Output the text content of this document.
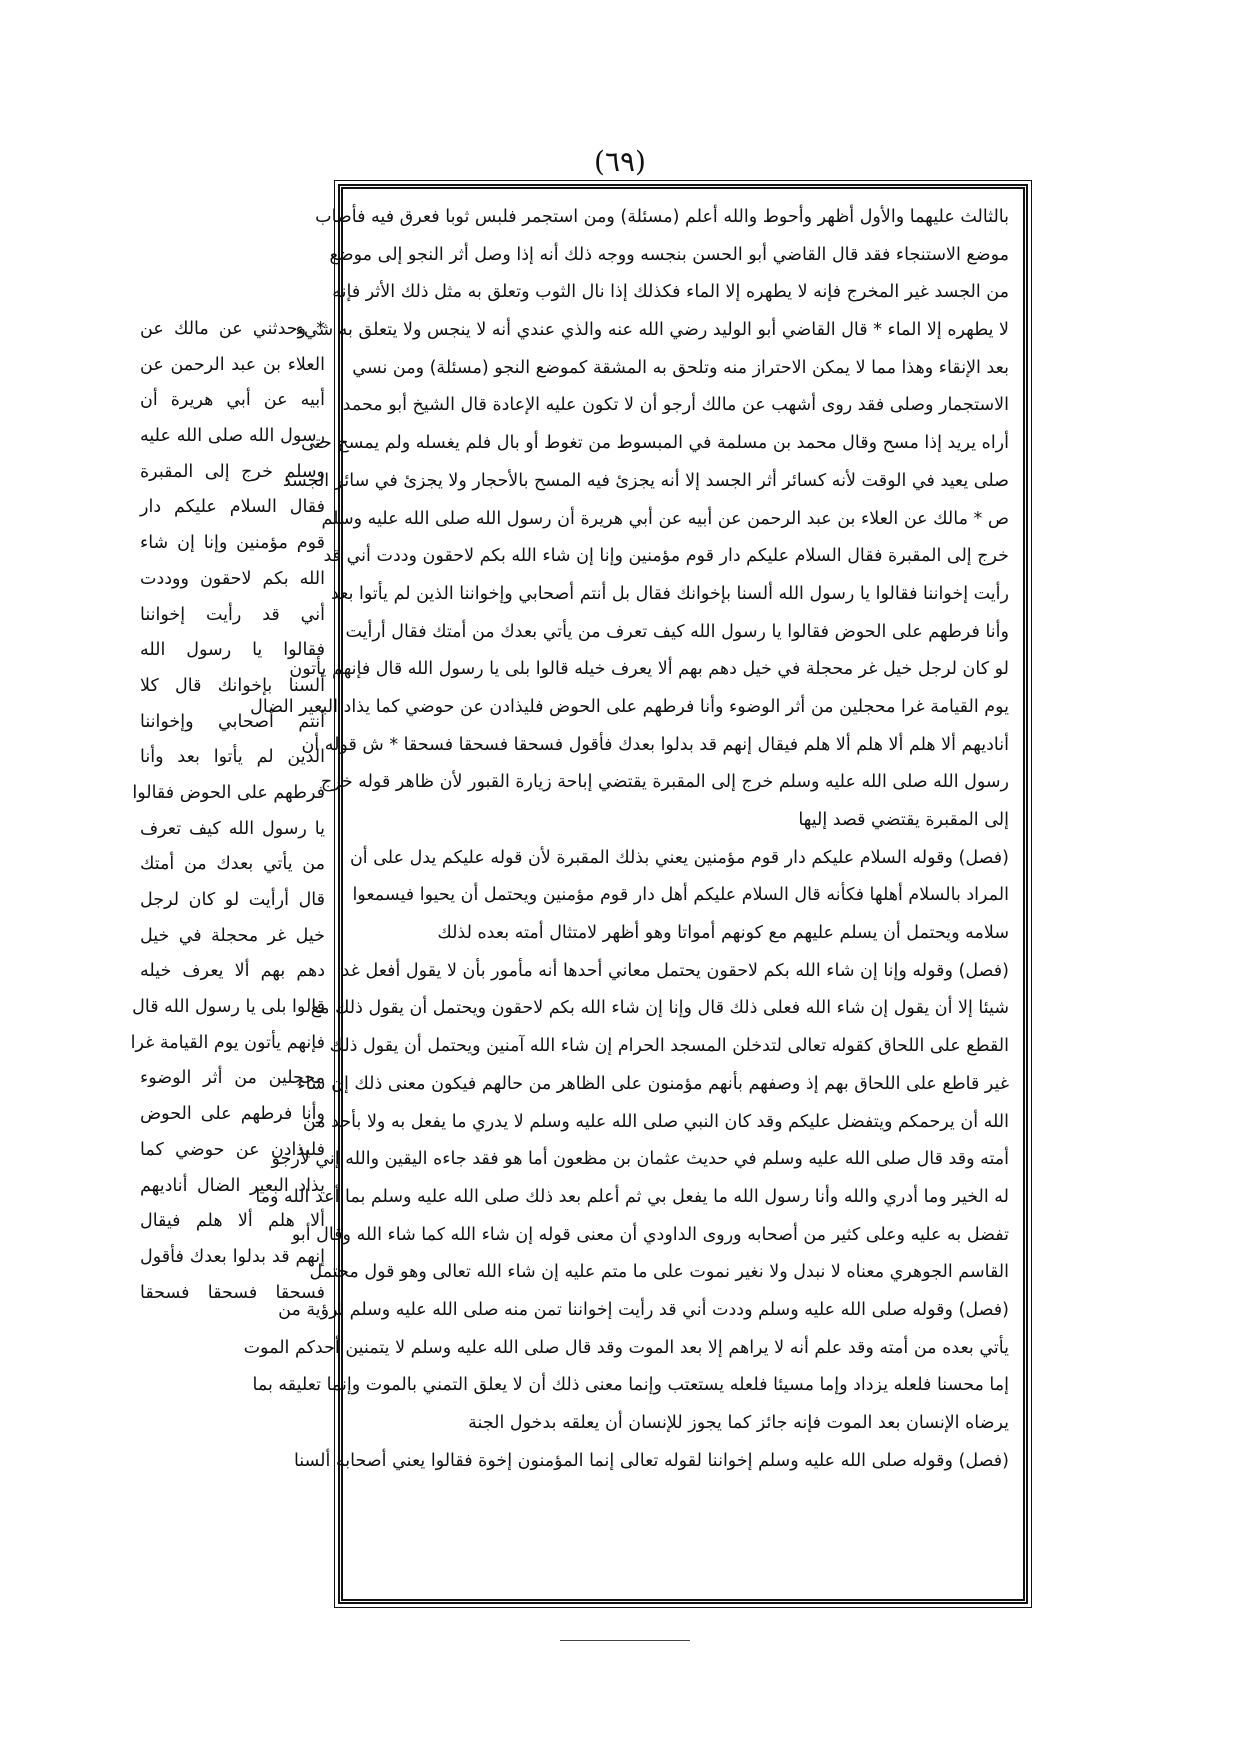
(٦٩)
بالثالث عليهما والأول أظهر وأحوط والله أعلم (مسئلة) ومن استجمر فلبس ثوبا فعرق فيه فأصاب
موضع الاستنجاء فقد قال القاضي أبو الحسن بنجسه ووجه ذلك أنه إذا وصل أثر النجو إلى موضع
من الجسد غير المخرج فإنه لا يطهره إلا الماء فكذلك إذا نال الثوب وتعلق به مثل ذلك الأثر فإنه
لا يطهره إلا الماء * قال القاضي أبو الوليد رضي الله عنه والذي عندي أنه لا ينجس ولا يتعلق به شيء
بعد الإنقاء وهذا مما لا يمكن الاحتراز منه وتلحق به المشقة كموضع النجو (مسئلة) ومن نسي
الاستجمار وصلى فقد روى أشهب عن مالك أرجو أن لا تكون عليه الإعادة قال الشيخ أبو محمد
أراه يريد إذا مسح وقال محمد بن مسلمة في المبسوط من تغوط أو بال فلم يغسله ولم يمسح حتى
صلى يعيد في الوقت لأنه كسائر أثر الجسد إلا أنه يجزئ فيه المسح بالأحجار ولا يجزئ في سائر الجسد
ص * مالك عن العلاء بن عبد الرحمن عن أبيه عن أبي هريرة أن رسول الله صلى الله عليه وسلم
خرج إلى المقبرة فقال السلام عليكم دار قوم مؤمنين وإنا إن شاء الله بكم لاحقون وددت أني قد
رأيت إخواننا فقالوا يا رسول الله ألسنا بإخوانك فقال بل أنتم أصحابي وإخواننا الذين لم يأتوا بعد
وأنا فرطهم على الحوض فقالوا يا رسول الله كيف تعرف من يأتي بعدك من أمتك فقال أرأيت
لو كان لرجل خيل غر محجلة في خيل دهم بهم ألا يعرف خيله قالوا بلى يا رسول الله قال فإنهم يأتون
يوم القيامة غرا محجلين من أثر الوضوء وأنا فرطهم على الحوض فليذادن عن حوضي كما يذاد البعير الضال
أناديهم ألا هلم ألا هلم ألا هلم فيقال إنهم قد بدلوا بعدك فأقول فسحقا فسحقا فسحقا * ش قوله أن
رسول الله صلى الله عليه وسلم خرج إلى المقبرة يقتضي إباحة زيارة القبور لأن ظاهر قوله خرج
إلى المقبرة يقتضي قصد إليها
(فصل) وقوله السلام عليكم دار قوم مؤمنين يعني بذلك المقبرة لأن قوله عليكم يدل على أن
المراد بالسلام أهلها فكأنه قال السلام عليكم أهل دار قوم مؤمنين ويحتمل أن يحيوا فيسمعوا
سلامه ويحتمل أن يسلم عليهم مع كونهم أمواتا وهو أظهر لامتثال أمته بعده لذلك
(فصل) وقوله وإنا إن شاء الله بكم لاحقون يحتمل معاني أحدها أنه مأمور بأن لا يقول أفعل غدا
شيئا إلا أن يقول إن شاء الله فعلى ذلك قال وإنا إن شاء الله بكم لاحقون ويحتمل أن يقول ذلك مع
القطع على اللحاق كقوله تعالى لتدخلن المسجد الحرام إن شاء الله آمنين ويحتمل أن يقول ذلك
غير قاطع على اللحاق بهم إذ وصفهم بأنهم مؤمنون على الظاهر من حالهم فيكون معنى ذلك إن شاء
الله أن يرحمكم ويتفضل عليكم وقد كان النبي صلى الله عليه وسلم لا يدري ما يفعل به ولا بأحد من
أمته وقد قال صلى الله عليه وسلم في حديث عثمان بن مظعون أما هو فقد جاءه اليقين والله إني لأرجو
له الخير وما أدري والله وأنا رسول الله ما يفعل بي ثم أعلم بعد ذلك صلى الله عليه وسلم بما أعد الله وما
تفضل به عليه وعلى كثير من أصحابه وروى الداودي أن معنى قوله إن شاء الله كما شاء الله وقال أبو
القاسم الجوهري معناه لا نبدل ولا نغير نموت على ما متم عليه إن شاء الله تعالى وهو قول محتمل
(فصل) وقوله صلى الله عليه وسلم وددت أني قد رأيت إخواننا تمن منه صلى الله عليه وسلم لرؤية من
يأتي بعده من أمته وقد علم أنه لا يراهم إلا بعد الموت وقد قال صلى الله عليه وسلم لا يتمنين أحدكم الموت
إما محسنا فلعله يزداد وإما مسيئا فلعله يستعتب وإنما معنى ذلك أن لا يعلق التمني بالموت وإنما تعليقه بما
يرضاه الإنسان بعد الموت فإنه جائز كما يجوز للإنسان أن يعلقه بدخول الجنة
(فصل) وقوله صلى الله عليه وسلم إخواننا لقوله تعالى إنما المؤمنون إخوة فقالوا يعني أصحابه ألسنا
* وحدثني عن مالك عن
العلاء بن عبد الرحمن عن
أبيه عن أبي هريرة أن
رسول الله صلى الله عليه
وسلم خرج إلى المقبرة
فقال السلام عليكم دار
قوم مؤمنين وإنا إن شاء
الله بكم لاحقون ووددت
أني قد رأيت إخواننا
فقالوا يا رسول الله
ألسنا بإخوانك قال كلا
أنتم أصحابي وإخواننا
الذين لم يأتوا بعد وأنا
فرطهم على الحوض فقالوا
يا رسول الله كيف تعرف
من يأتي بعدك من أمتك
قال أرأيت لو كان لرجل
خيل غر محجلة في خيل
دهم بهم ألا يعرف خيله
قالوا بلى يا رسول الله قال
فإنهم يأتون يوم القيامة غرا
محجلين من أثر الوضوء
وأنا فرطهم على الحوض
فليذادن عن حوضي كما
يذاد البعير الضال أناديهم
ألا هلم ألا هلم فيقال
إنهم قد بدلوا بعدك فأقول
فسحقا فسحقا فسحقا
